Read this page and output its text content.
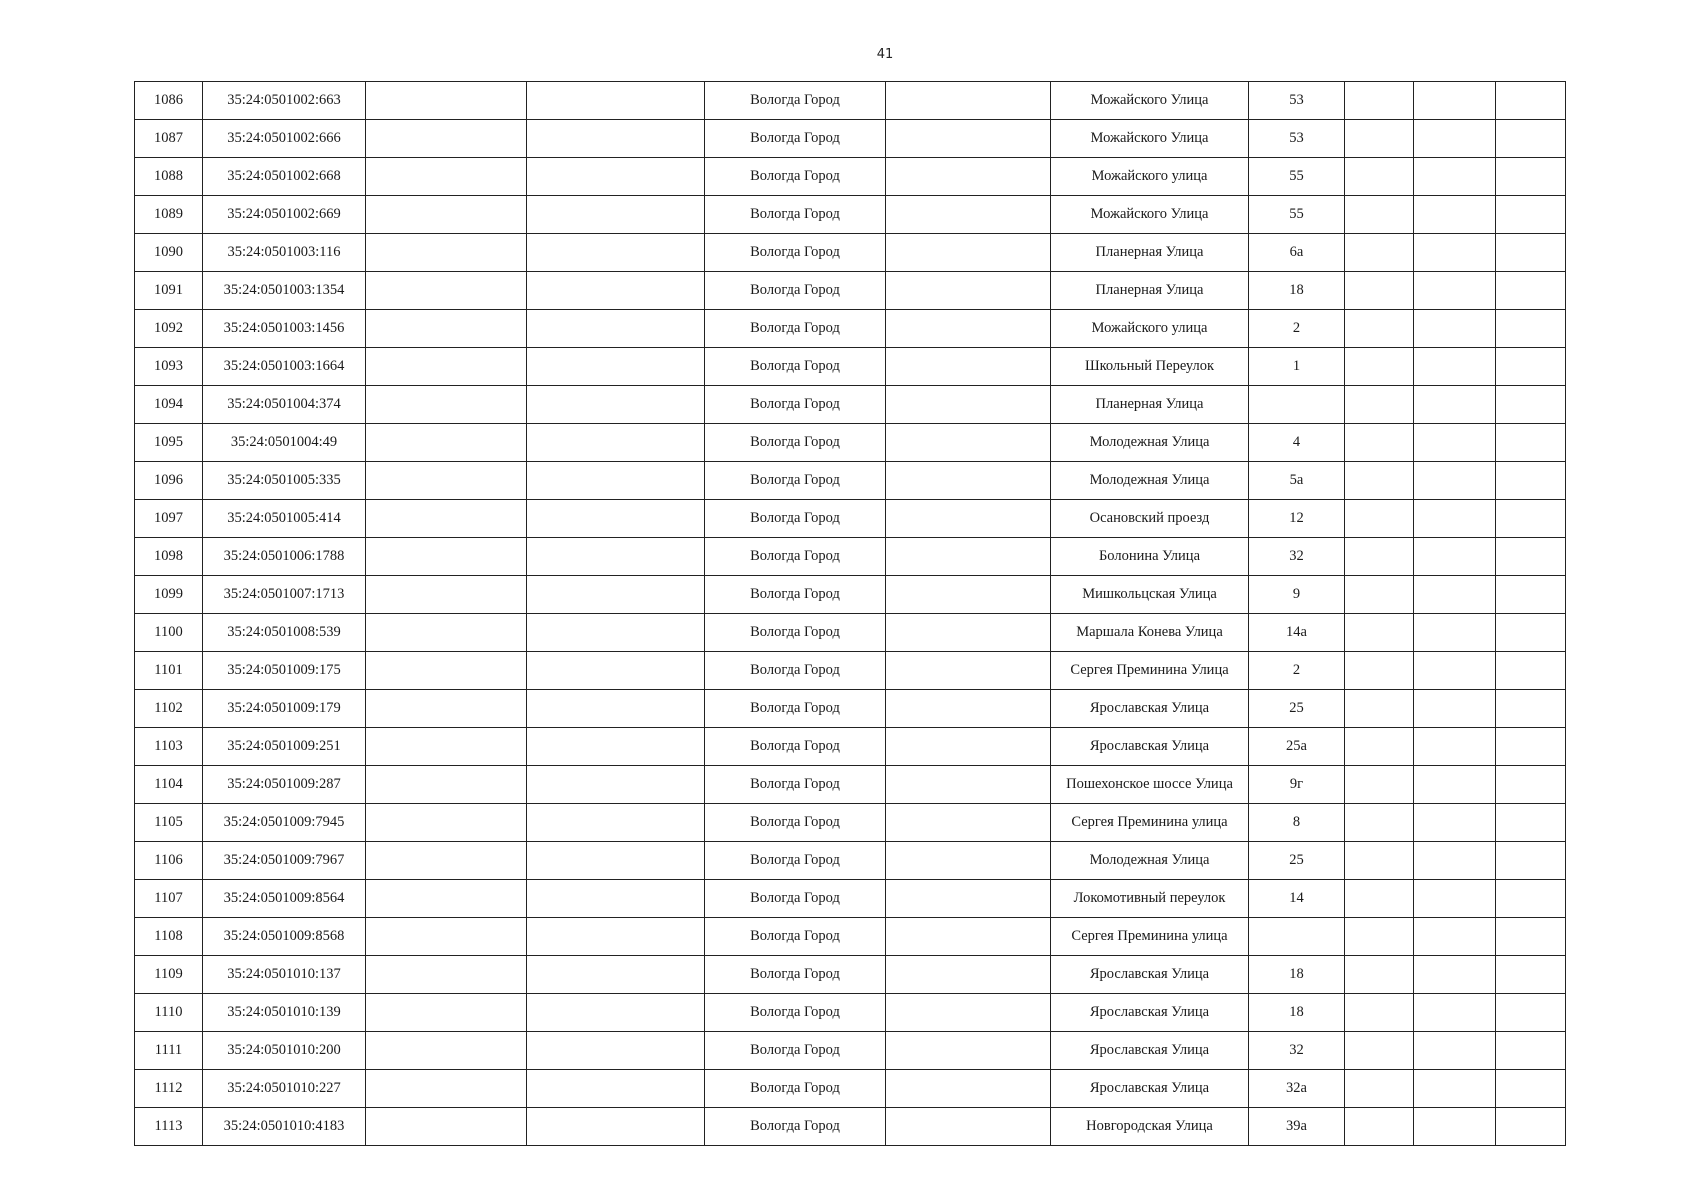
41
1086	35:24:0501002:663			Вологда Город		Можайского Улица	53			
1087	35:24:0501002:666			Вологда Город		Можайского Улица	53			
1088	35:24:0501002:668			Вологда Город		Можайского улица	55			
1089	35:24:0501002:669			Вологда Город		Можайского Улица	55			
1090	35:24:0501003:116			Вологда Город		Планерная Улица	6а			
1091	35:24:0501003:1354			Вологда Город		Планерная Улица	18			
1092	35:24:0501003:1456			Вологда Город		Можайского улица	2			
1093	35:24:0501003:1664			Вологда Город		Школьный Переулок	1			
1094	35:24:0501004:374			Вологда Город		Планерная Улица				
1095	35:24:0501004:49			Вологда Город		Молодежная Улица	4			
1096	35:24:0501005:335			Вологда Город		Молодежная Улица	5а			
1097	35:24:0501005:414			Вологда Город		Осановский проезд	12			
1098	35:24:0501006:1788			Вологда Город		Болонина Улица	32			
1099	35:24:0501007:1713			Вологда Город		Мишкольцская Улица	9			
1100	35:24:0501008:539			Вологда Город		Маршала Конева Улица	14а			
1101	35:24:0501009:175			Вологда Город		Сергея Преминина Улица	2			
1102	35:24:0501009:179			Вологда Город		Ярославская Улица	25			
1103	35:24:0501009:251			Вологда Город		Ярославская Улица	25а			
1104	35:24:0501009:287			Вологда Город		Пошехонское шоссе Улица	9г			
1105	35:24:0501009:7945			Вологда Город		Сергея Преминина улица	8			
1106	35:24:0501009:7967			Вологда Город		Молодежная Улица	25			
1107	35:24:0501009:8564			Вологда Город		Локомотивный переулок	14			
1108	35:24:0501009:8568			Вологда Город		Сергея Преминина улица				
1109	35:24:0501010:137			Вологда Город		Ярославская Улица	18			
1110	35:24:0501010:139			Вологда Город		Ярославская Улица	18			
1111	35:24:0501010:200			Вологда Город		Ярославская Улица	32			
1112	35:24:0501010:227			Вологда Город		Ярославская Улица	32а			
1113	35:24:0501010:4183			Вологда Город		Новгородская Улица	39а			
